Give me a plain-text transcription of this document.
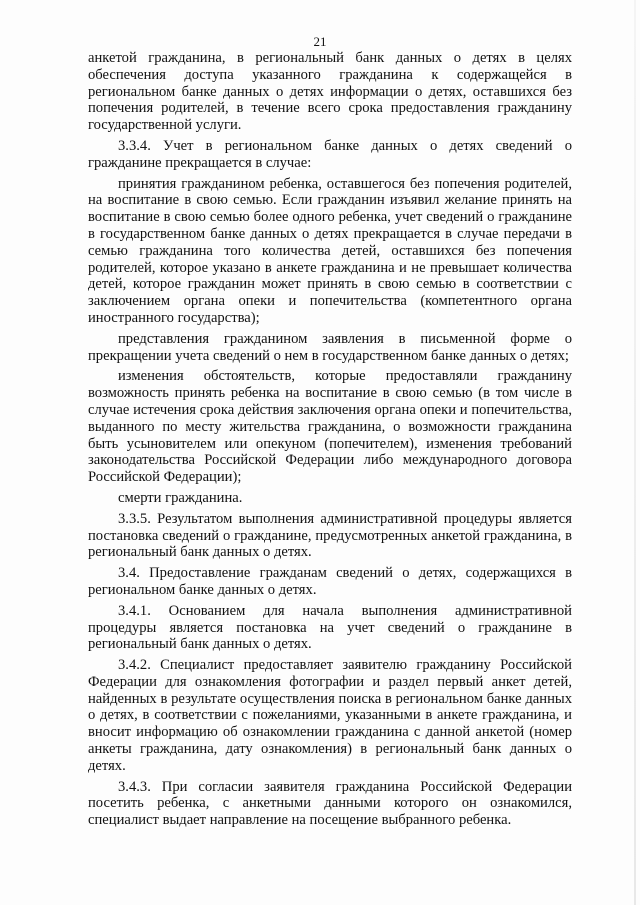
21

анкетой гражданина, в региональный банк данных о детях в целях обеспечения доступа указанного гражданина к содержащейся в региональном банке данных о детях информации о детях, оставшихся без попечения родителей, в течение всего срока предоставления гражданину государственной услуги.

3.3.4. Учет в региональном банке данных о детях сведений о гражданине прекращается в случае:

принятия гражданином ребенка, оставшегося без попечения родителей, на воспитание в свою семью. Если гражданин изъявил желание принять на воспитание в свою семью более одного ребенка, учет сведений о гражданине в государственном банке данных о детях прекращается в случае передачи в семью гражданина того количества детей, оставшихся без попечения родителей, которое указано в анкете гражданина и не превышает количества детей, которое гражданин может принять в свою семью в соответствии с заключением органа опеки и попечительства (компетентного органа иностранного государства);

представления гражданином заявления в письменной форме о прекращении учета сведений о нем в государственном банке данных о детях;

изменения обстоятельств, которые предоставляли гражданину возможность принять ребенка на воспитание в свою семью (в том числе в случае истечения срока действия заключения органа опеки и попечительства, выданного по месту жительства гражданина, о возможности гражданина быть усыновителем или опекуном (попечителем), изменения требований законодательства Российской Федерации либо международного договора Российской Федерации);

смерти гражданина.

3.3.5. Результатом выполнения административной процедуры является постановка сведений о гражданине, предусмотренных анкетой гражданина, в региональный банк данных о детях.

3.4. Предоставление гражданам сведений о детях, содержащихся в региональном банке данных о детях.

3.4.1. Основанием для начала выполнения административной процедуры является постановка на учет сведений о гражданине в региональный банк данных о детях.

3.4.2. Специалист предоставляет заявителю гражданину Российской Федерации для ознакомления фотографии и раздел первый анкет детей, найденных в результате осуществления поиска в региональном банке данных о детях, в соответствии с пожеланиями, указанными в анкете гражданина, и вносит информацию об ознакомлении гражданина с данной анкетой (номер анкеты гражданина, дату ознакомления) в региональный банк данных о детях.

3.4.3. При согласии заявителя гражданина Российской Федерации посетить ребенка, с анкетными данными которого он ознакомился, специалист выдает направление на посещение выбранного ребенка.
